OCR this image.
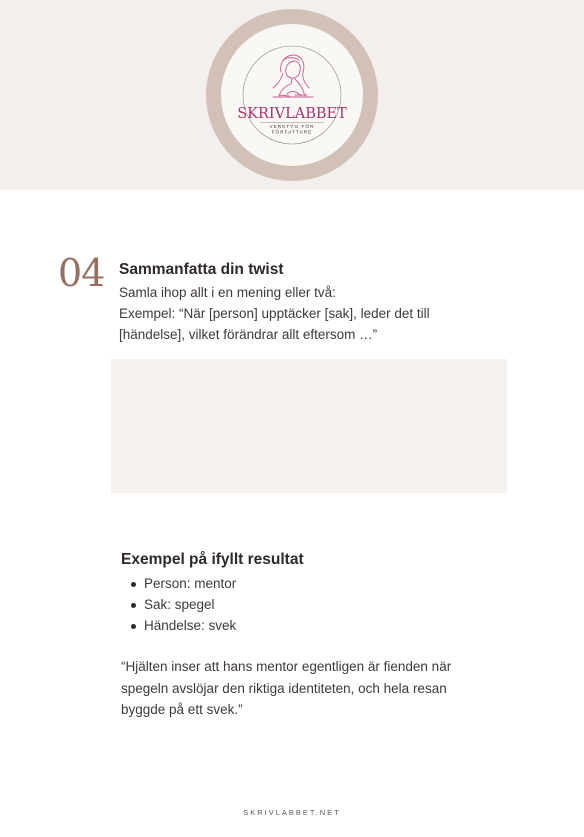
SKRIVLABBET
VERKTYG FÖR
FÖRFATTARE
04 Sammanfatta din twist
Samla ihop allt i en mening eller två:
Exempel: “När [person] upptäcker [sak], leder det till
[händelse], vilket förändrar allt eftersom …”
Exempel på ifyllt resultat
Person: mentor
Sak: spegel
Händelse: svek
“Hjälten inser att hans mentor egentligen är fienden när
spegeln avslöjar den riktiga identiteten, och hela resan
byggde på ett svek.”
SKRIVLABBET.NET
